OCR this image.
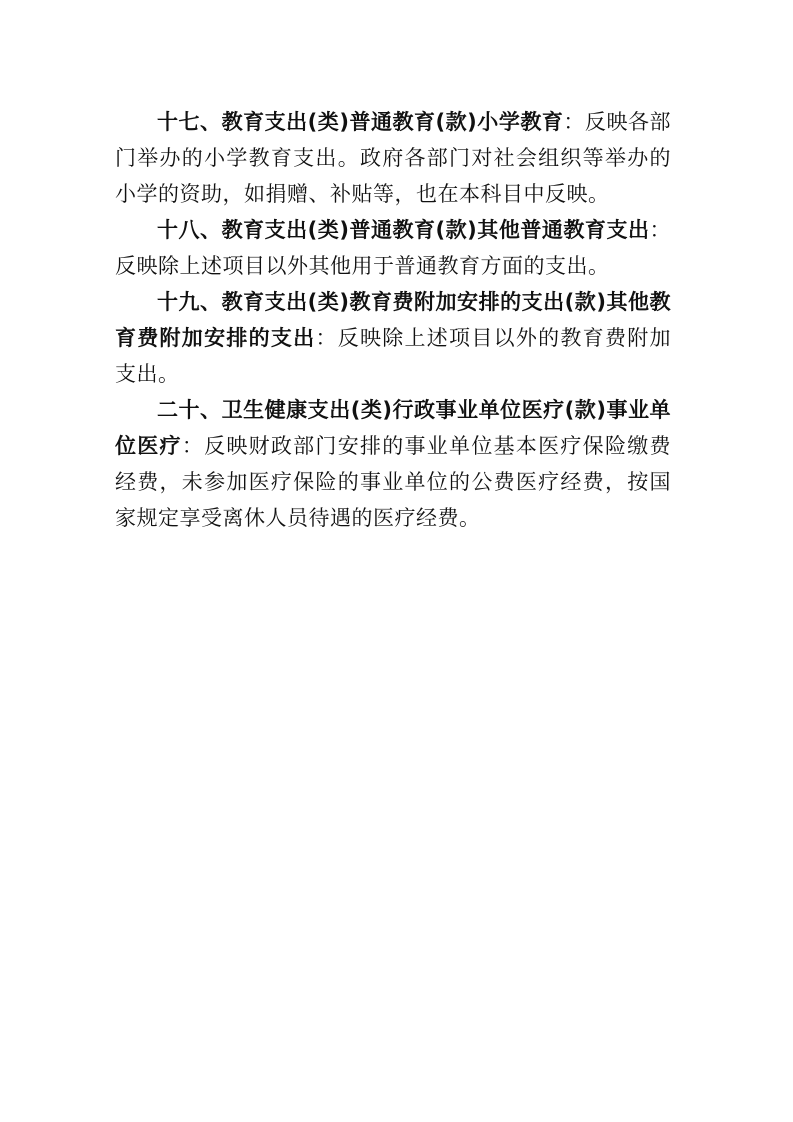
十七、教育支出(类)普通教育(款)小学教育：反映各部门举办的小学教育支出。政府各部门对社会组织等举办的小学的资助，如捐赠、补贴等，也在本科目中反映。

十八、教育支出(类)普通教育(款)其他普通教育支出：反映除上述项目以外其他用于普通教育方面的支出。

十九、教育支出(类)教育费附加安排的支出(款)其他教育费附加安排的支出：反映除上述项目以外的教育费附加支出。

二十、卫生健康支出(类)行政事业单位医疗(款)事业单位医疗：反映财政部门安排的事业单位基本医疗保险缴费经费，未参加医疗保险的事业单位的公费医疗经费，按国家规定享受离休人员待遇的医疗经费。
